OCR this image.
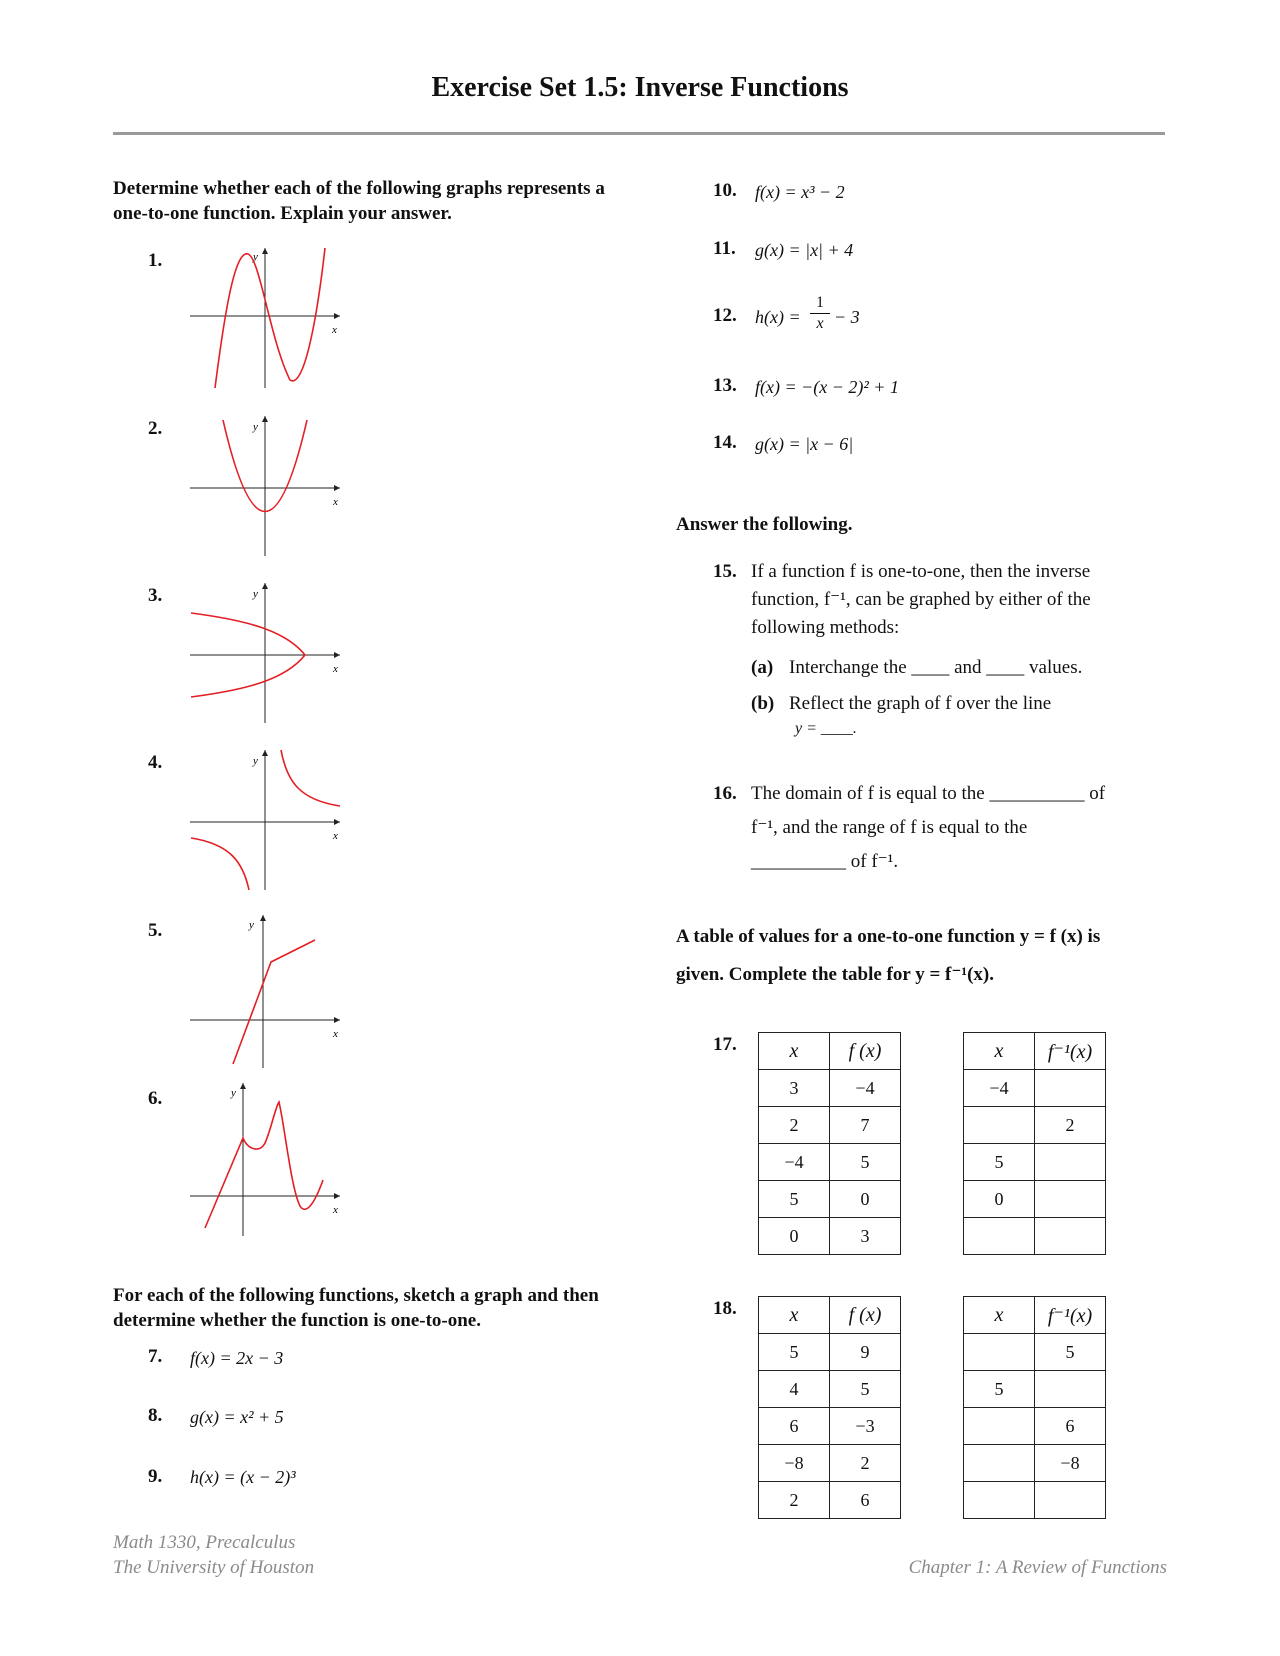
Exercise Set 1.5: Inverse Functions
Determine whether each of the following graphs represents a one-to-one function. Explain your answer.
1.
2.
3.
4.
5.
6.
y
x
y
x
y
x
y
x
y
x
y
x
For each of the following functions, sketch a graph and then determine whether the function is one-to-one.
7. f(x) = 2x − 3
8. g(x) = x² + 5
9. h(x) = (x − 2)³
10. f(x) = x³ − 2
11. g(x) = |x| + 4
12. $h(x) = \frac{1}{x} - 3$
13. f(x) = −(x − 2)² + 1
14. g(x) = |x − 6|
Answer the following.
15. If a function f is one-to-one, then the inverse function, f⁻¹, can be graphed by either of the following methods:
(a) Interchange the ____ and ____ values.
(b) Reflect the graph of f over the line
y = ____.
16. The domain of f is equal to the __________ of
f⁻¹, and the range of f is equal to the
__________ of f⁻¹.
A table of values for a one-to-one function y = f (x) is
given. Complete the table for y = f⁻¹(x).
17.	x	f (x)
3	−4
2	7
−4	5
5	0
0	3
x	f⁻¹(x)
−4	
	2
5	
0	

18.	x	f (x)
5	9
4	5
6	−3
−8	2
2	6
x	f⁻¹(x)
	5
5	
	6
	−8

Math 1330, Precalculus
The University of Houston	Chapter 1: A Review of Functions
